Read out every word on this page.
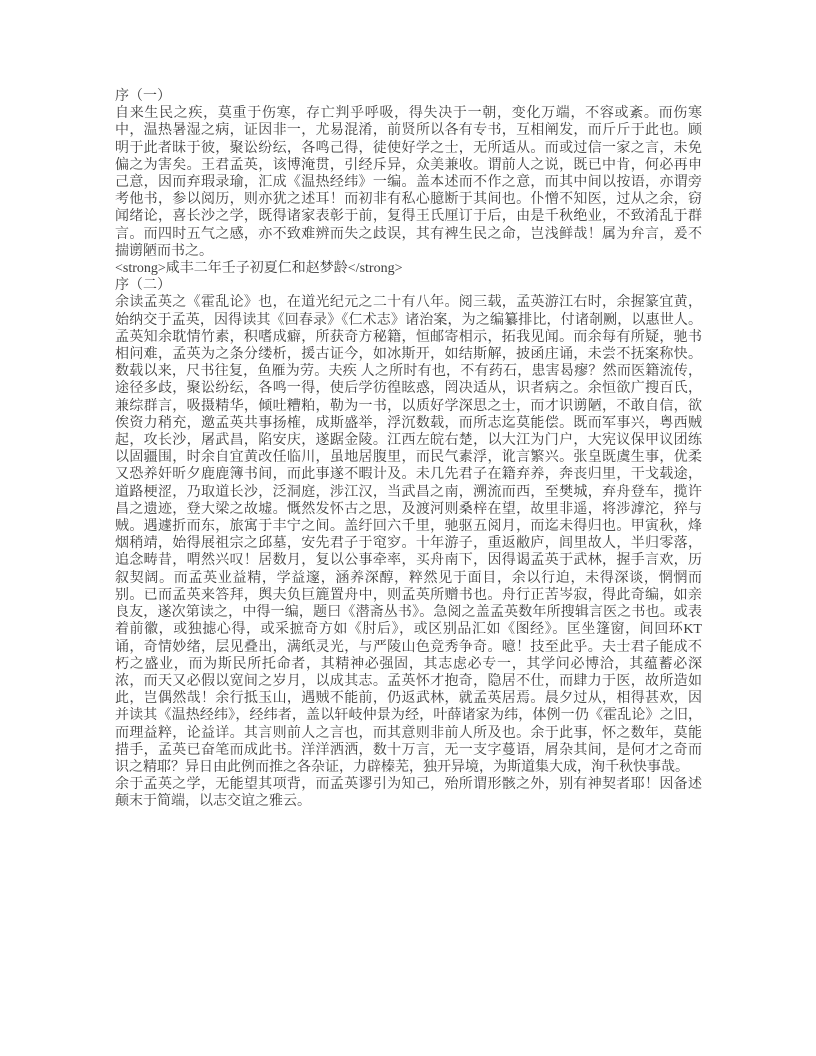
序（一）

自来生民之疾，莫重于伤寒，存亡判乎呼吸，得失决于一朝，变化万端，不容或紊。而伤寒中，温热暑湿之病，证因非一，尤易混淆，前贤所以各有专书，互相阐发，而斤斤于此也。顾明于此者昧于彼，聚讼纷纭，各鸣己得，徒使好学之士，无所适从。而或过信一家之言，未免偏之为害矣。王君孟英，该博淹贯，引经斥异，众美兼收。谓前人之说，既已中肯，何必再申己意，因而弃瑕录瑜，汇成《温热经纬》一编。盖本述而不作之意，而其中间以按语，亦谓旁考他书，参以阅历，则亦犹之述耳！而初非有私心臆断于其间也。仆憎不知医，过从之余，窃闻绪论，喜长沙之学，既得诸家表彰于前，复得王氏厘订于后，由是千秋绝业，不致淆乱于群言。而四时五气之感，亦不致难辨而失之歧误，其有裨生民之命，岂浅鲜哉！属为弁言，爰不揣谫陋而书之。

<strong>咸丰二年壬子初夏仁和赵梦龄</strong>

序（二）

余读孟英之《霍乱论》也，在道光纪元之二十有八年。阅三载，孟英游江右时，余握篆宜黄，始纳交于孟英，因得读其《回春录》《仁术志》诸治案，为之编纂排比，付诸剞劂，以惠世人。孟英知余耽情竹素，积嗜成癖，所获奇方秘籍，恒邮寄相示，拓我见闻。而余每有所疑，驰书相问难，孟英为之条分缕析，援古证今，如冰斯开，如结斯解，披函庄诵，未尝不抚案称快。数载以来，尺书往复，鱼雁为劳。夫疾 人之所时有也，不有药石，患害曷瘳？然而医籍流传，途径多歧，聚讼纷纭，各鸣一得，使后学彷徨眩惑，罔决适从，识者病之。余恒欲广搜百氏，兼综群言，吸摄精华，倾吐糟粕，勒为一书，以质好学深思之士，而才识谫陋，不敢自信，欲俟资力稍充，邀孟英共事扬榷，成斯盛举，浮沉数载，而所志迄莫能偿。既而军事兴，粤西贼起，攻长沙，屠武昌，陷安庆，遂踞金陵。江西左皖右楚，以大江为门户，大宪议保甲议团练以固疆围，时余自宜黄改任临川，虽地居腹里，而民气素浮，讹言繁兴。张皇既虞生事，优柔又恐养奸昕夕鹿鹿簿书间，而此事遂不暇计及。未几先君子在籍弃养，奔丧归里，干戈载途，道路梗涩，乃取道长沙，泛洞庭，涉江汉，当武昌之南，溯流而西，至樊城，弃舟登车，揽许昌之遗迹，登大梁之故墟。慨然发怀古之思，及渡河则桑梓在望，故里非遥，将涉滹沱，猝与贼。遇遽折而东，旅寓于丰宁之间。盖纡回六千里，驰驱五阅月，而迄未得归也。甲寅秋，烽烟稍靖，始得展祖宗之邱墓，安先君子于窀穸。十年游子，重返敝庐，闾里故人，半归零落，追念畴昔，喟然兴叹！居数月，复以公事牵率，买舟南下，因得谒孟英于武林，握手言欢，历叙契阔。而孟英业益精，学益邃，涵养深醇，粹然见于面目，余以行迫，未得深谈，惘惘而别。已而孟英来答拜，舆夫负巨簏置舟中，则孟英所赠书也。舟行正苦岑寂，得此奇编，如亲良友，遂次第读之，中得一编，题曰《潜斋丛书》。急阅之盖孟英数年所搜辑言医之书也。或表着前徽，或独摅心得，或采摭奇方如《肘后》，或区别品汇如《图经》。匡坐篷窗，间回环KT 诵，奇情妙绪，层见叠出，满纸灵光，与严陵山色竞秀争奇。噫！技至此乎。夫士君子能成不朽之盛业，而为斯民所托命者，其精神必强固，其志虑必专一，其学问必博洽，其蕴蓄必深浓，而天又必假以宽间之岁月，以成其志。孟英怀才抱奇，隐居不仕，而肆力于医，故所造如此，岂偶然哉！余行抵玉山，遇贼不能前，仍返武林，就孟英居焉。晨夕过从，相得甚欢，因并读其《温热经纬》，经纬者，盖以轩岐仲景为经，叶薛诸家为纬，体例一仍《霍乱论》之旧，而理益粹，论益详。其言则前人之言也，而其意则非前人所及也。余于此事，怀之数年，莫能措手，孟英已奋笔而成此书。洋洋洒洒，数十万言，无一支字蔓语，屑杂其间，是何才之奇而识之精耶？异日由此例而推之各杂证，力辟榛芜，独开异境，为斯道集大成，洵千秋快事哉。

余于孟英之学，无能望其项背，而孟英谬引为知己，殆所谓形骸之外，别有神契者耶！因备述颠末于简端，以志交谊之雅云。
